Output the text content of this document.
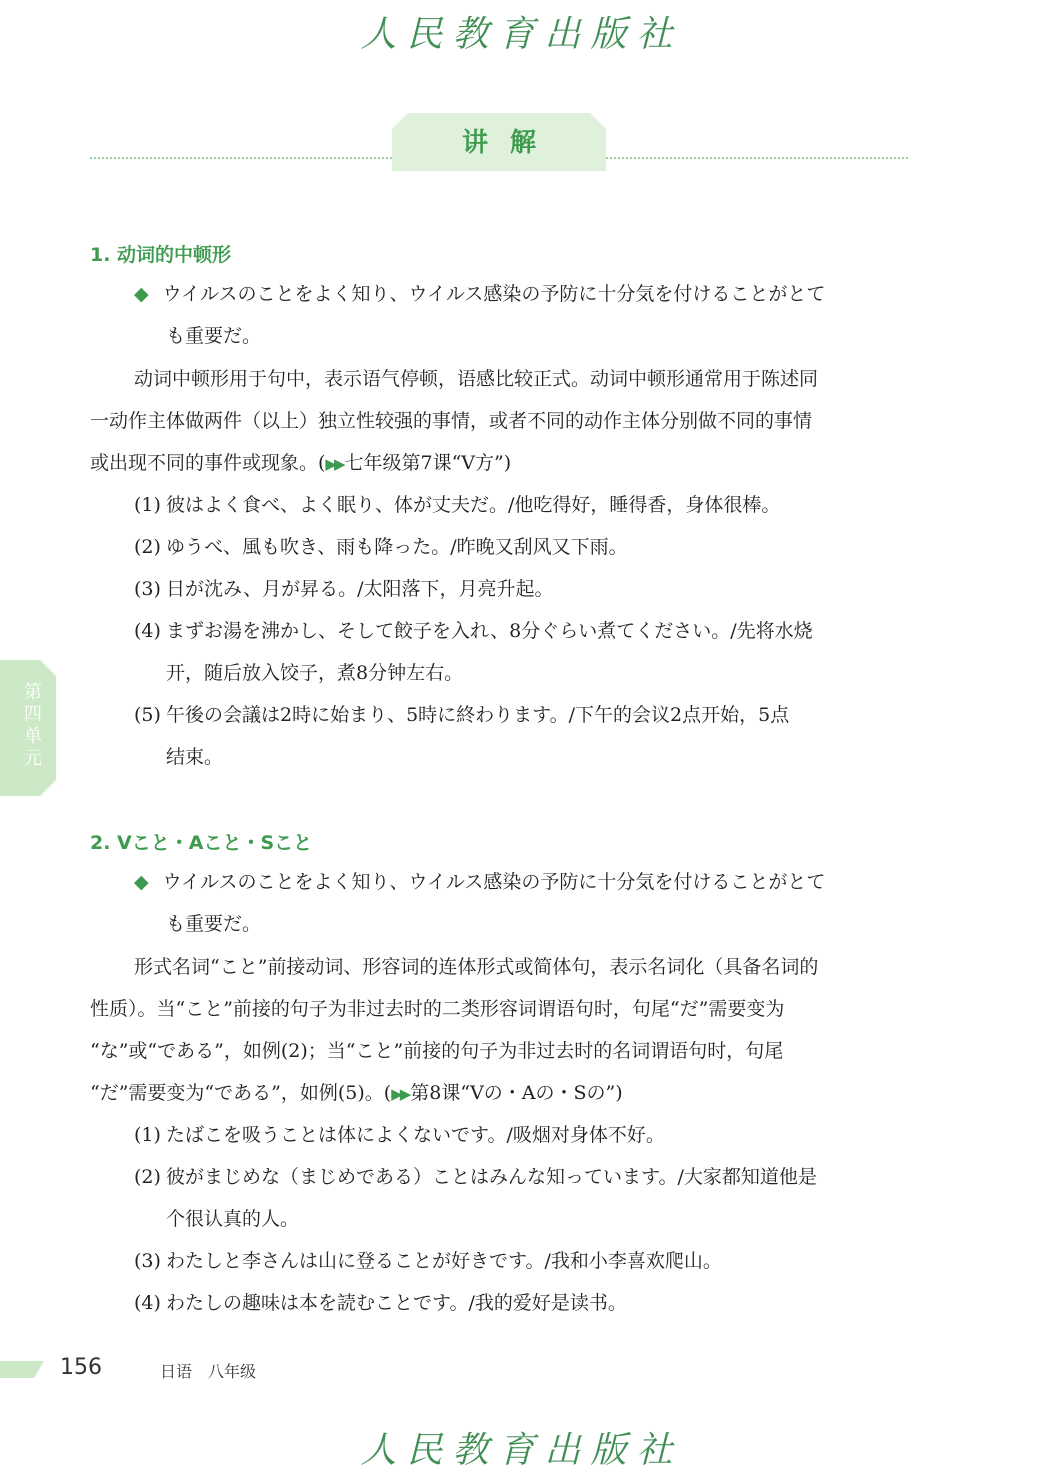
人民教育出版社
讲解
第四单元
1. 动词的中顿形
◆ ウイルスのことをよく知り、ウイルス感染の予防に十分気を付けることがとて
も重要だ。
动词中顿形用于句中，表示语气停顿，语感比较正式。动词中顿形通常用于陈述同
一动作主体做两件（以上）独立性较强的事情，或者不同的动作主体分别做不同的事情
或出现不同的事件或现象。(▶▶ 七年级第7课“V方”)
(1) 彼はよく食べ、よく眠り、体が丈夫だ。/他吃得好，睡得香，身体很棒。
(2) ゆうべ、風も吹き、雨も降った。/昨晚又刮风又下雨。
(3) 日が沈み、月が昇る。/太阳落下，月亮升起。
(4) まずお湯を沸かし、そして餃子を入れ、8分ぐらい煮てください。/先将水烧
开，随后放入饺子，煮8分钟左右。
(5) 午後の会議は2時に始まり、5時に終わります。/下午的会议2点开始，5点
结束。
2. Vこと・Aこと・Sこと
◆ ウイルスのことをよく知り、ウイルス感染の予防に十分気を付けることがとて
も重要だ。
形式名词“こと”前接动词、形容词的连体形式或简体句，表示名词化（具备名词的
性质）。当“こと”前接的句子为非过去时的二类形容词谓语句时，句尾“だ”需要变为
“な”或“である”，如例(2)；当“こと”前接的句子为非过去时的名词谓语句时，句尾
“だ”需要变为“である”，如例(5)。(▶▶ 第8课“Vの・Aの・Sの”)
(1) たばこを吸うことは体によくないです。/吸烟对身体不好。
(2) 彼がまじめな（まじめである）ことはみんな知っています。/大家都知道他是
个很认真的人。
(3) わたしと李さんは山に登ることが好きです。/我和小李喜欢爬山。
(4) わたしの趣味は本を読むことです。/我的爱好是读书。
156	日语　八年级
人民教育出版社
